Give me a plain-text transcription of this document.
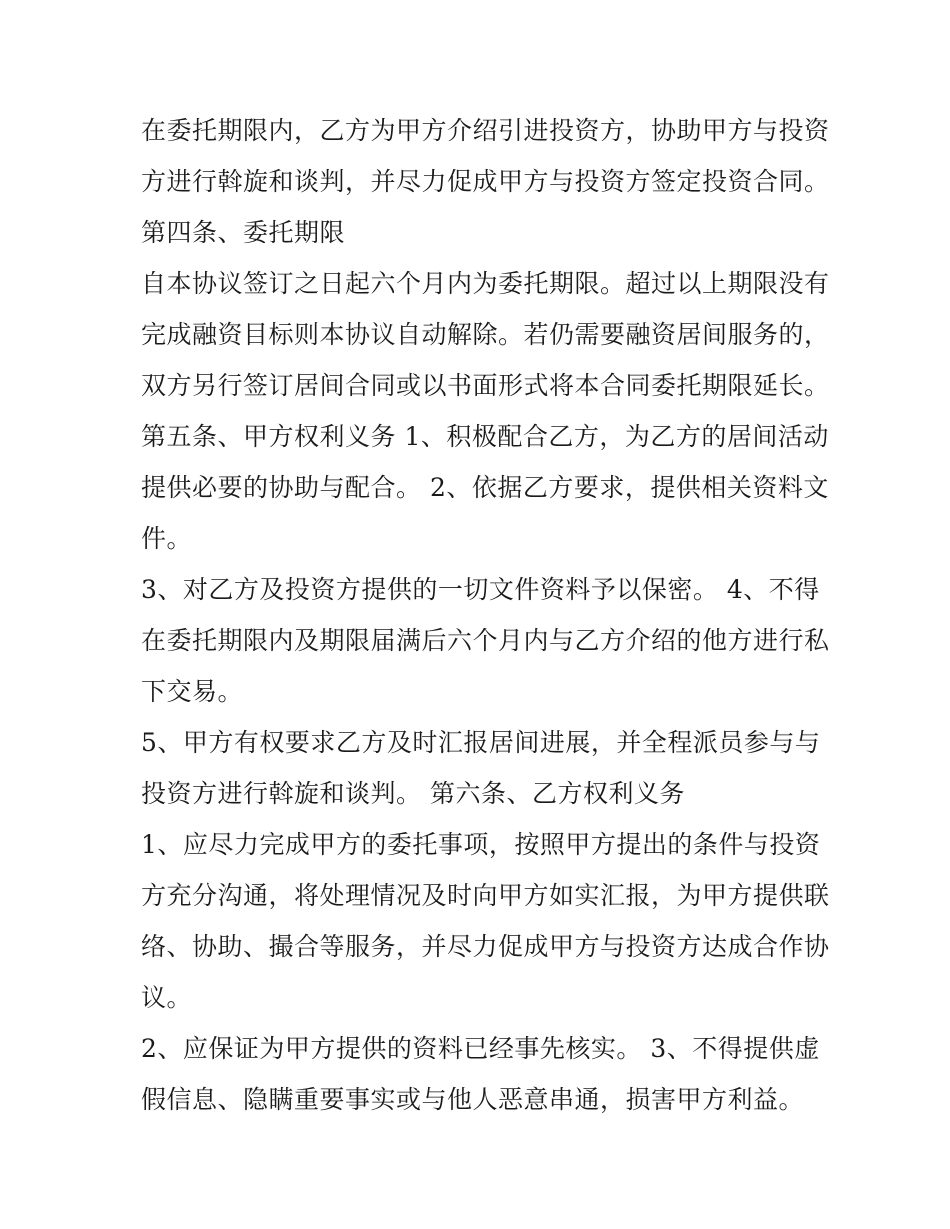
在委托期限内，乙方为甲方介绍引进投资方，协助甲方与投资
方进行斡旋和谈判，并尽力促成甲方与投资方签定投资合同。
第四条、委托期限
自本协议签订之日起六个月内为委托期限。超过以上期限没有
完成融资目标则本协议自动解除。若仍需要融资居间服务的，
双方另行签订居间合同或以书面形式将本合同委托期限延长。
第五条、甲方权利义务 1、积极配合乙方，为乙方的居间活动
提供必要的协助与配合。 2、依据乙方要求，提供相关资料文
件。
3、对乙方及投资方提供的一切文件资料予以保密。 4、不得
在委托期限内及期限届满后六个月内与乙方介绍的他方进行私
下交易。
5、甲方有权要求乙方及时汇报居间进展，并全程派员参与与
投资方进行斡旋和谈判。 第六条、乙方权利义务
1、应尽力完成甲方的委托事项，按照甲方提出的条件与投资
方充分沟通，将处理情况及时向甲方如实汇报，为甲方提供联
络、协助、撮合等服务，并尽力促成甲方与投资方达成合作协
议。
2、应保证为甲方提供的资料已经事先核实。 3、不得提供虚
假信息、隐瞒重要事实或与他人恶意串通，损害甲方利益。
